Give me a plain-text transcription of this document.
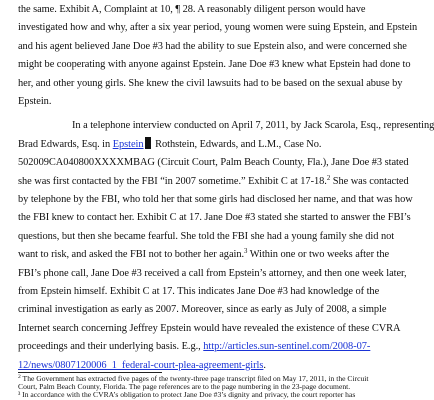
the same. Exhibit A, Complaint at 10, ¶ 28. A reasonably diligent person would have
investigated how and why, after a six year period, young women were suing Epstein, and Epstein
and his agent believed Jane Doe #3 had the ability to sue Epstein also, and were concerned she
might be cooperating with anyone against Epstein. Jane Doe #3 knew what Epstein had done to
her, and other young girls. She knew the civil lawsuits had to be based on the sexual abuse by
Epstein.
In a telephone interview conducted on April 7, 2011, by Jack Scarola, Esq., representing
Brad Edwards, Esq. in Epstein Rothstein, Edwards, and L.M., Case No.
502009CA040800XXXXMBAG (Circuit Court, Palm Beach County, Fla.), Jane Doe #3 stated
she was first contacted by the FBI “in 2007 sometime.” Exhibit C at 17-18.$^2$ She was contacted
by telephone by the FBI, who told her that some girls had disclosed her name, and that was how
the FBI knew to contact her. Exhibit C at 17. Jane Doe #3 stated she started to answer the FBI’s
questions, but then she became fearful. She told the FBI she had a young family she did not
want to risk, and asked the FBI not to bother her again.$^3$ Within one or two weeks after the
FBI’s phone call, Jane Doe #3 received a call from Epstein’s attorney, and then one week later,
from Epstein himself. Exhibit C at 17. This indicates Jane Doe #3 had knowledge of the
criminal investigation as early as 2007. Moreover, since as early as July of 2008, a simple
Internet search concerning Jeffrey Epstein would have revealed the existence of these CVRA
proceedings and their underlying basis. E.g., http://articles.sun-sentinel.com/2008-07-
12/news/0807120006_1_federal-court-plea-agreement-girls.
$^2$ The Government has extracted five pages of the twenty-three page transcript filed on May 17, 2011, in the Circuit
Court, Palm Beach County, Florida. The page references are to the page numbering in the 23-page document.
³ In accordance with the CVRA’s obligation to protect Jane Doe #3’s dignity and privacy, the court reporter has
